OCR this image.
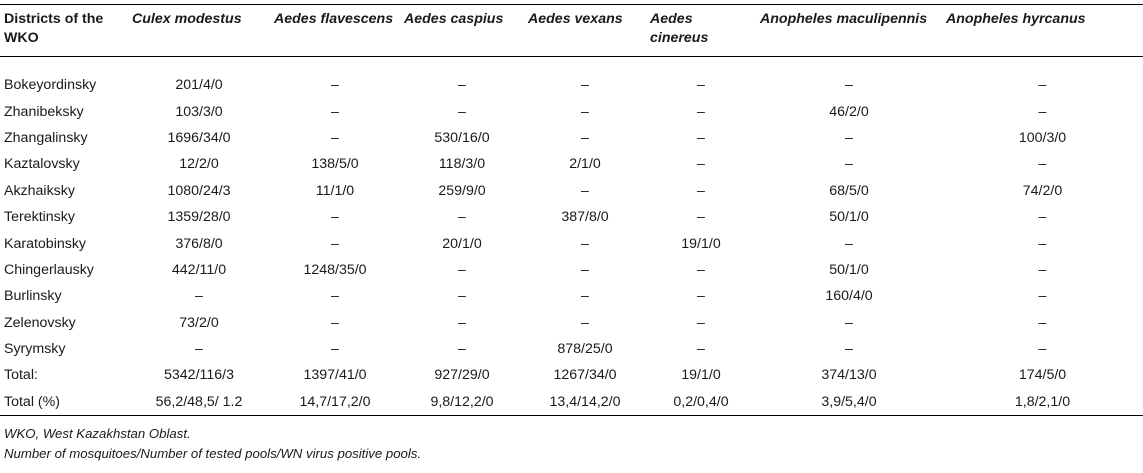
Districts of the WKO	Culex modestus	Aedes flavescens	Aedes caspius	Aedes vexans	Aedes cinereus	Anopheles maculipennis	Anopheles hyrcanus

Bokeyordinsky	201/4/0	–	–	–	–	–	–
Zhanibeksky	103/3/0	–	–	–	–	46/2/0	–
Zhangalinsky	1696/34/0	–	530/16/0	–	–	–	100/3/0
Kaztalovsky	12/2/0	138/5/0	118/3/0	2/1/0	–	–	–
Akzhaiksky	1080/24/3	11/1/0	259/9/0	–	–	68/5/0	74/2/0
Terektinsky	1359/28/0	–	–	387/8/0	–	50/1/0	–
Karatobinsky	376/8/0	–	20/1/0	–	19/1/0	–	–
Chingerlausky	442/11/0	1248/35/0	–	–	–	50/1/0	–
Burlinsky	–	–	–	–	–	160/4/0	–
Zelenovsky	73/2/0	–	–	–	–	–	–
Syrymsky	–	–	–	878/25/0	–	–	–
Total:	5342/116/3	1397/41/0	927/29/0	1267/34/0	19/1/0	374/13/0	174/5/0
Total (%)	56,2/48,5/ 1.2	14,7/17,2/0	9,8/12,2/0	13,4/14,2/0	0,2/0,4/0	3,9/5,4/0	1,8/2,1/0
WKO, West Kazakhstan Oblast.
Number of mosquitoes/Number of tested pools/WN virus positive pools.
